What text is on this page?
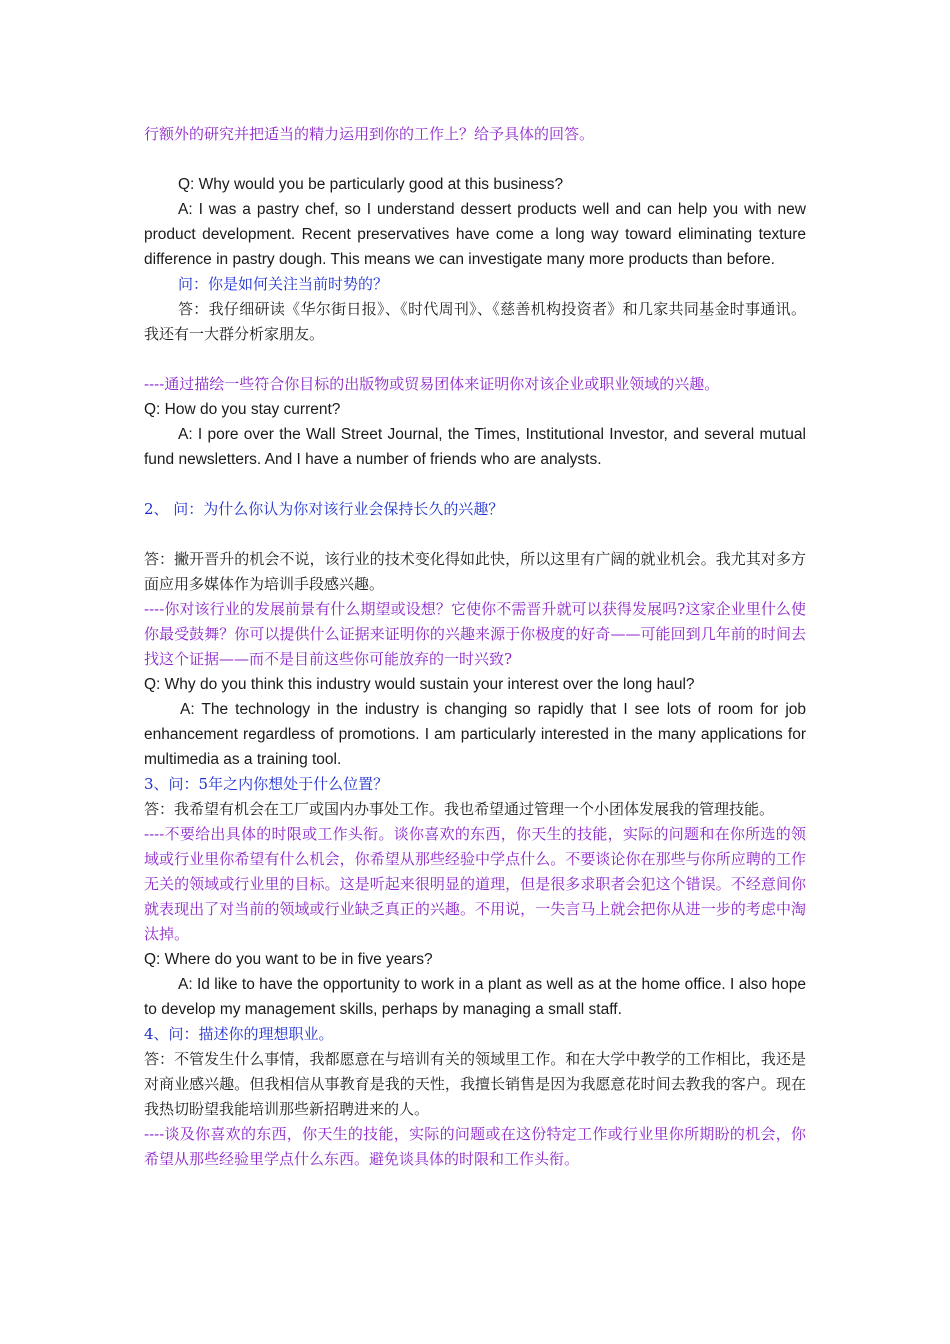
行额外的研究并把适当的精力运用到你的工作上？给予具体的回答。

Q: Why would you be particularly good at this business?

A: I was a pastry chef, so I understand dessert products well and can help you with new product development. Recent preservatives have come a long way toward eliminating texture difference in pastry dough. This means we can investigate many more products than before.

问：你是如何关注当前时势的？

答：我仔细研读《华尔街日报》、《时代周刊》、《慈善机构投资者》和几家共同基金时事通讯。我还有一大群分析家朋友。

----通过描绘一些符合你目标的出版物或贸易团体来证明你对该企业或职业领域的兴趣。

Q: How do you stay current?

A: I pore over the Wall Street Journal, the Times, Institutional Investor, and several mutual fund newsletters. And I have a number of friends who are analysts.

2、 问：为什么你认为你对该行业会保持长久的兴趣？

答：撇开晋升的机会不说，该行业的技术变化得如此快，所以这里有广阔的就业机会。我尤其对多方面应用多媒体作为培训手段感兴趣。

----你对该行业的发展前景有什么期望或设想？它使你不需晋升就可以获得发展吗?这家企业里什么使你最受鼓舞？你可以提供什么证据来证明你的兴趣来源于你极度的好奇——可能回到几年前的时间去找这个证据——而不是目前这些你可能放弃的一时兴致?

Q: Why do you think this industry would sustain your interest over the long haul?

A: The technology in the industry is changing so rapidly that I see lots of room for job enhancement regardless of promotions. I am particularly interested in the many applications for multimedia as a training tool.

3、问：5年之内你想处于什么位置？

答：我希望有机会在工厂或国内办事处工作。我也希望通过管理一个小团体发展我的管理技能。

----不要给出具体的时限或工作头衔。谈你喜欢的东西，你天生的技能，实际的问题和在你所选的领域或行业里你希望有什么机会，你希望从那些经验中学点什么。不要谈论你在那些与你所应聘的工作无关的领域或行业里的目标。这是听起来很明显的道理，但是很多求职者会犯这个错误。不经意间你就表现出了对当前的领域或行业缺乏真正的兴趣。不用说，一失言马上就会把你从进一步的考虑中淘汰掉。

Q: Where do you want to be in five years?

A: Id like to have the opportunity to work in a plant as well as at the home office. I also hope to develop my management skills, perhaps by managing a small staff.

4、问：描述你的理想职业。

答：不管发生什么事情，我都愿意在与培训有关的领域里工作。和在大学中教学的工作相比，我还是对商业感兴趣。但我相信从事教育是我的天性，我擅长销售是因为我愿意花时间去教我的客户。现在我热切盼望我能培训那些新招聘进来的人。

----谈及你喜欢的东西，你天生的技能，实际的问题或在这份特定工作或行业里你所期盼的机会，你希望从那些经验里学点什么东西。避免谈具体的时限和工作头衔。
